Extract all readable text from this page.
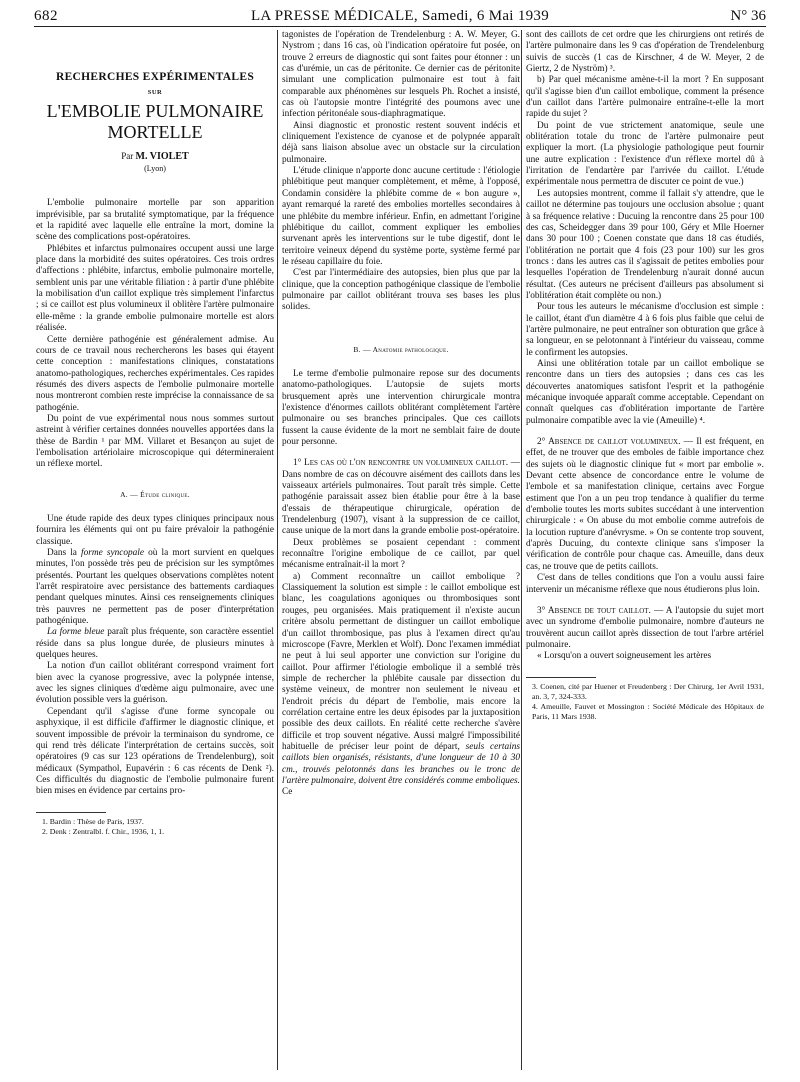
682	LA PRESSE MÉDICALE, Samedi, 6 Mai 1939	N° 36
RECHERCHES EXPÉRIMENTALES
SUR
L'EMBOLIE PULMONAIRE
MORTELLE
Par M. VIOLET
(Lyon)

L'embolie pulmonaire mortelle par son apparition imprévisible, par sa brutalité symptomatique, par la fréquence et la rapidité avec laquelle elle entraîne la mort, domine la scène des complications post-opératoires.

Phlébites et infarctus pulmonaires occupent aussi une large place dans la morbidité des suites opératoires. Ces trois ordres d'affections : phlébite, infarctus, embolie pulmonaire mortelle, semblent unis par une véritable filiation : à partir d'une phlébite la mobilisation d'un caillot explique très simplement l'infarctus ; si ce caillot est plus volumineux il oblitère l'artère pulmonaire elle-même : la grande embolie pulmonaire mortelle est alors réalisée.

Cette dernière pathogénie est généralement admise. Au cours de ce travail nous rechercherons les bases qui étayent cette conception : manifestations cliniques, constatations anatomo-pathologiques, recherches expérimentales. Ces rapides résumés des divers aspects de l'embolie pulmonaire mortelle nous montreront combien reste imprécise la connaissance de sa pathogénie.

Du point de vue expérimental nous nous sommes surtout astreint à vérifier certaines données nouvelles apportées dans la thèse de Bardin ¹ par MM. Villaret et Besançon au sujet de l'embolisation artériolaire microscopique qui détermineraient un réflexe mortel.

A. — Étude clinique.

Une étude rapide des deux types cliniques principaux nous fournira les éléments qui ont pu faire prévaloir la pathogénie classique.

Dans la forme syncopale où la mort survient en quelques minutes, l'on possède très peu de précision sur les symptômes présentés. Pourtant les quelques observations complètes notent l'arrêt respiratoire avec persistance des battements cardiaques pendant quelques minutes. Ainsi ces renseignements cliniques très pauvres ne permettent pas de poser d'interprétation pathogénique.

La forme bleue paraît plus fréquente, son caractère essentiel réside dans sa plus longue durée, de plusieurs minutes à quelques heures.

La notion d'un caillot oblitérant correspond vraiment fort bien avec la cyanose progressive, avec la polypnée intense, avec les signes cliniques d'œdème aigu pulmonaire, avec une évolution possible vers la guérison.

Cependant qu'il s'agisse d'une forme syncopale ou asphyxique, il est difficile d'affirmer le diagnostic clinique, et souvent impossible de prévoir la terminaison du syndrome, ce qui rend très délicate l'interprétation de certains succès, soit opératoires (9 cas sur 123 opérations de Trendelenburg), soit médicaux (Sympathol, Eupavérin : 6 cas récents de Denk ²). Ces difficultés du diagnostic de l'embolie pulmonaire furent bien mises en évidence par certains pro-

1. Bardin : Thèse de Paris, 1937.

2. Denk : Zentralbl. f. Chir., 1936, 1, 1.

tagonistes de l'opération de Trendelenburg : A. W. Meyer, G. Nystrom ; dans 16 cas, où l'indication opératoire fut posée, on trouve 2 erreurs de diagnostic qui sont faites pour étonner : un cas d'urémie, un cas de péritonite. Ce dernier cas de péritonite simulant une complication pulmonaire est tout à fait comparable aux phénomènes sur lesquels Ph. Rochet a insisté, cas où l'autopsie montre l'intégrité des poumons avec une infection péritonéale sous-diaphragmatique.

Ainsi diagnostic et pronostic restent souvent indécis et cliniquement l'existence de cyanose et de polypnée apparaît déjà sans liaison absolue avec un obstacle sur la circulation pulmonaire.

L'étude clinique n'apporte donc aucune certitude : l'étiologie phlébitique peut manquer complètement, et même, à l'opposé, Condamin considère la phlébite comme de « bon augure », ayant remarqué la rareté des embolies mortelles secondaires à une phlébite du membre inférieur. Enfin, en admettant l'origine phlébitique du caillot, comment expliquer les embolies survenant après les interventions sur le tube digestif, dont le territoire veineux dépend du système porte, système fermé par le réseau capillaire du foie.

C'est par l'intermédiaire des autopsies, bien plus que par la clinique, que la conception pathogénique classique de l'embolie pulmonaire par caillot oblitérant trouva ses bases les plus solides.

B. — Anatomie pathologique.

Le terme d'embolie pulmonaire repose sur des documents anatomo-pathologiques. L'autopsie de sujets morts brusquement après une intervention chirurgicale montra l'existence d'énormes caillots oblitérant complètement l'artère pulmonaire ou ses branches principales. Que ces caillots fussent la cause évidente de la mort ne semblait faire de doute pour personne.

1° Les cas où l'on rencontre un volumineux caillot. — Dans nombre de cas on découvre aisément des caillots dans les vaisseaux artériels pulmonaires. Tout paraît très simple. Cette pathogénie paraissait assez bien établie pour être à la base d'essais de thérapeutique chirurgicale, opération de Trendelenburg (1907), visant à la suppression de ce caillot, cause unique de la mort dans la grande embolie post-opératoire.

Deux problèmes se posaient cependant : comment reconnaître l'origine embolique de ce caillot, par quel mécanisme entraînait-il la mort ?

a) Comment reconnaître un caillot embolique ? Classiquement la solution est simple : le caillot embolique est blanc, les coagulations agoniques ou thrombosiques sont rouges, peu organisées. Mais pratiquement il n'existe aucun critère absolu permettant de distinguer un caillot embolique d'un caillot thrombosique, pas plus à l'examen direct qu'au microscope (Favre, Merklen et Wolf). Donc l'examen immédiat ne peut à lui seul apporter une conviction sur l'origine du caillot. Pour affirmer l'étiologie embolique il a semblé très simple de rechercher la phlébite causale par dissection du système veineux, de montrer non seulement le niveau et l'endroit précis du départ de l'embolie, mais encore la corrélation certaine entre les deux épisodes par la juxtaposition possible des deux caillots. En réalité cette recherche s'avère difficile et trop souvent négative. Aussi malgré l'impossibilité habituelle de préciser leur point de départ, seuls certains caillots bien organisés, résistants, d'une longueur de 10 à 30 cm., trouvés pelotonnés dans les branches ou le tronc de l'artère pulmonaire, doivent être considérés comme emboliques. Ce

sont des caillots de cet ordre que les chirurgiens ont retirés de l'artère pulmonaire dans les 9 cas d'opération de Trendelenburg suivis de succès (1 cas de Kirschner, 4 de W. Meyer, 2 de Giertz, 2 de Nyström) ³.

b) Par quel mécanisme amène-t-il la mort ? En supposant qu'il s'agisse bien d'un caillot embolique, comment la présence d'un caillot dans l'artère pulmonaire entraîne-t-elle la mort rapide du sujet ?

Du point de vue strictement anatomique, seule une oblitération totale du tronc de l'artère pulmonaire peut expliquer la mort. (La physiologie pathologique peut fournir une autre explication : l'existence d'un réflexe mortel dû à l'irritation de l'endartère par l'arrivée du caillot. L'étude expérimentale nous permettra de discuter ce point de vue.)

Les autopsies montrent, comme il fallait s'y attendre, que le caillot ne détermine pas toujours une occlusion absolue ; quant à sa fréquence relative : Ducuing la rencontre dans 25 pour 100 des cas, Scheidegger dans 39 pour 100, Géry et Mlle Hoerner dans 30 pour 100 ; Coenen constate que dans 18 cas étudiés, l'oblitération ne portait que 4 fois (23 pour 100) sur les gros troncs : dans les autres cas il s'agissait de petites embolies pour lesquelles l'opération de Trendelenburg n'aurait donné aucun résultat. (Ces auteurs ne précisent d'ailleurs pas absolument si l'oblitération était complète ou non.)

Pour tous les auteurs le mécanisme d'occlusion est simple : le caillot, étant d'un diamètre 4 à 6 fois plus faible que celui de l'artère pulmonaire, ne peut entraîner son obturation que grâce à sa longueur, en se pelotonnant à l'intérieur du vaisseau, comme le confirment les autopsies.

Ainsi une oblitération totale par un caillot embolique se rencontre dans un tiers des autopsies ; dans ces cas les découvertes anatomiques satisfont l'esprit et la pathogénie mécanique invoquée apparaît comme acceptable. Cependant on connaît quelques cas d'oblitération importante de l'artère pulmonaire compatible avec la vie (Ameuille) ⁴.

2° Absence de caillot volumineux. — Il est fréquent, en effet, de ne trouver que des emboles de faible importance chez des sujets où le diagnostic clinique fut « mort par embolie ». Devant cette absence de concordance entre le volume de l'embole et sa manifestation clinique, certains avec Forgue estiment que l'on a un peu trop tendance à qualifier du terme d'embolie toutes les morts subites succédant à une intervention chirurgicale : « On abuse du mot embolie comme autrefois de la locution rupture d'anévrysme. » On se contente trop souvent, d'après Ducuing, du contexte clinique sans s'imposer la vérification de contrôle pour chaque cas. Ameuille, dans deux cas, ne trouve que de petits caillots.

C'est dans de telles conditions que l'on a voulu aussi faire intervenir un mécanisme réflexe que nous étudierons plus loin.

3° Absence de tout caillot. — A l'autopsie du sujet mort avec un syndrome d'embolie pulmonaire, nombre d'auteurs ne trouvèrent aucun caillot après dissection de tout l'arbre artériel pulmonaire.

« Lorsqu'on a ouvert soigneusement les artères

3. Coenen, cité par Huener et Freudenberg : Der Chirurg, 1er Avril 1931, an. 3, 7, 324-333.

4. Ameuille, Fauvet et Mossington : Société Médicale des Hôpitaux de Paris, 11 Mars 1938.
